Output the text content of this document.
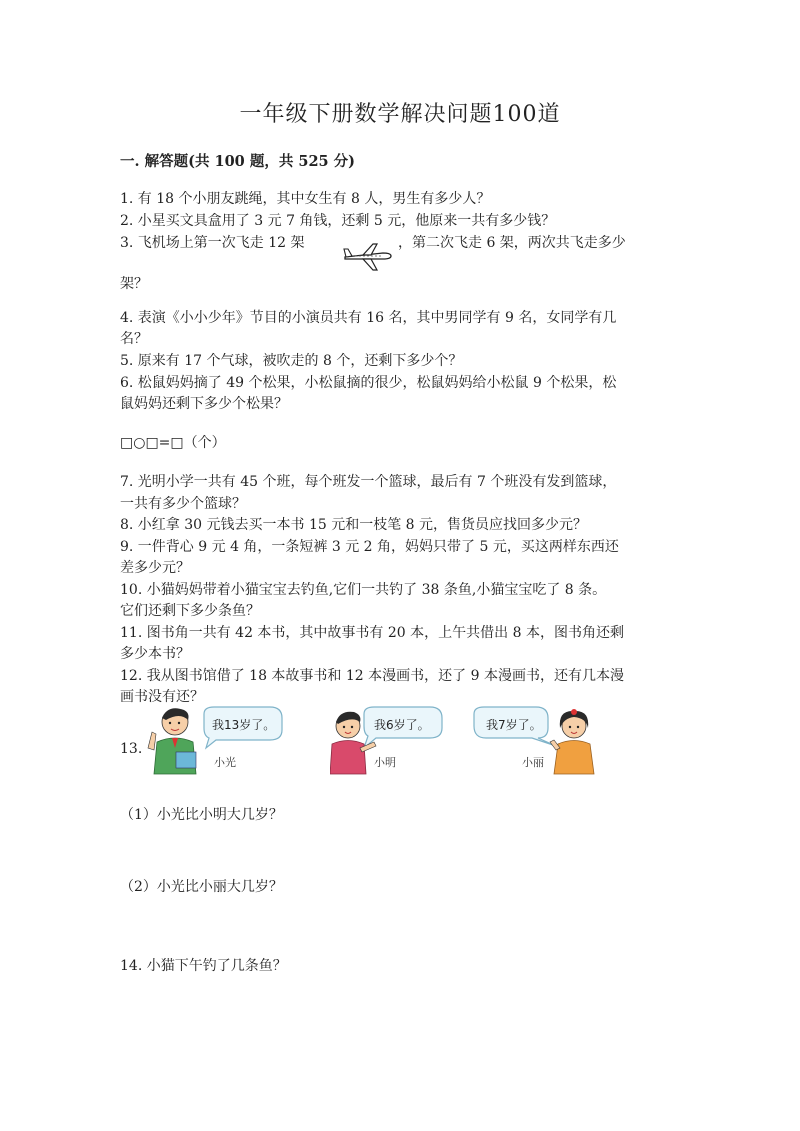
一年级下册数学解决问题100道
一. 解答题(共 100 题，共 525 分)
1. 有 18 个小朋友跳绳，其中女生有 8 人，男生有多少人？
2. 小星买文具盒用了 3 元 7 角钱，还剩 5 元，他原来一共有多少钱？
3. 飞机场上第一次飞走 12 架	，第二次飞走 6 架，两次共飞走多少
架？
4. 表演《小小少年》节目的小演员共有 16 名，其中男同学有 9 名，女同学有几
名？
5. 原来有 17 个气球，被吹走的 8 个，还剩下多少个？
6. 松鼠妈妈摘了 49 个松果，小松鼠摘的很少，松鼠妈妈给小松鼠 9 个松果，松
鼠妈妈还剩下多少个松果？
□○□=□（个）
7. 光明小学一共有 45 个班，每个班发一个篮球，最后有 7 个班没有发到篮球，
一共有多少个篮球？
8. 小红拿 30 元钱去买一本书 15 元和一枝笔 8 元，售货员应找回多少元？
9. 一件背心 9 元 4 角，一条短裤 3 元 2 角，妈妈只带了 5 元，买这两样东西还
差多少元？
10. 小猫妈妈带着小猫宝宝去钓鱼,它们一共钓了 38 条鱼,小猫宝宝吃了 8 条。
它们还剩下多少条鱼？
11. 图书角一共有 42 本书，其中故事书有 20 本，上午共借出 8 本，图书角还剩
多少本书？
12. 我从图书馆借了 18 本故事书和 12 本漫画书，还了 9 本漫画书，还有几本漫
画书没有还？
13.
我13岁了。
小光
我6岁了。
小明
我7岁了。
小丽
（1）小光比小明大几岁？
（2）小光比小丽大几岁？
14. 小猫下午钓了几条鱼？
